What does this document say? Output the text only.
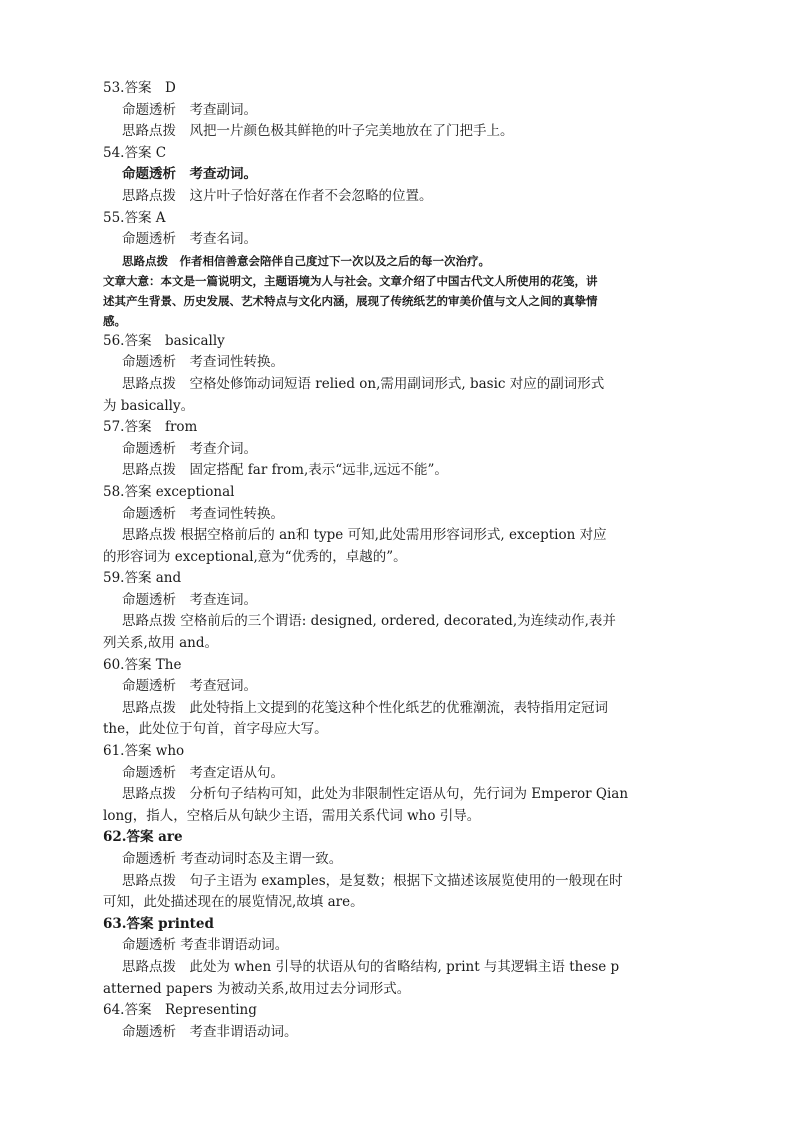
53.答案　D
命题透析　考查副词。
思路点拨　风把一片颜色极其鲜艳的叶子完美地放在了门把手上。
54.答案 C
命题透析　考查动词。
思路点拨　这片叶子恰好落在作者不会忽略的位置。
55.答案 A
命题透析　考查名词。
思路点拨　作者相信善意会陪伴自己度过下一次以及之后的每一次治疗。
文章大意：本文是一篇说明文，主题语境为人与社会。文章介绍了中国古代文人所使用的花笺，讲
述其产生背景、历史发展、艺术特点与文化内涵，展现了传统纸艺的审美价值与文人之间的真挚情
感。
56.答案　basically
命题透析　考查词性转换。
思路点拨　空格处修饰动词短语 relied on,需用副词形式, basic 对应的副词形式
为 basically。
57.答案　from
命题透析　考查介词。
思路点拨　固定搭配 far from,表示“远非,远远不能”。
58.答案 exceptional
命题透析　考查词性转换。
思路点拨 根据空格前后的 an和 type 可知,此处需用形容词形式, exception 对应
的形容词为 exceptional,意为“优秀的，卓越的”。
59.答案 and
命题透析　考查连词。
思路点拨 空格前后的三个谓语: designed, ordered, decorated,为连续动作,表并
列关系,故用 and。
60.答案 The
命题透析　考查冠词。
思路点拨　此处特指上文提到的花笺这种个性化纸艺的优雅潮流，表特指用定冠词
the，此处位于句首，首字母应大写。
61.答案 who
命题透析　考查定语从句。
思路点拨　分析句子结构可知，此处为非限制性定语从句，先行词为 Emperor Qian
long，指人，空格后从句缺少主语，需用关系代词 who 引导。
62.答案 are
命题透析 考查动词时态及主谓一致。
思路点拨　句子主语为 examples，是复数；根据下文描述该展览使用的一般现在时
可知，此处描述现在的展览情况,故填 are。
63.答案 printed
命题透析 考查非谓语动词。
思路点拨　此处为 when 引导的状语从句的省略结构, print 与其逻辑主语 these p
atterned papers 为被动关系,故用过去分词形式。
64.答案　Representing
命题透析　考查非谓语动词。
